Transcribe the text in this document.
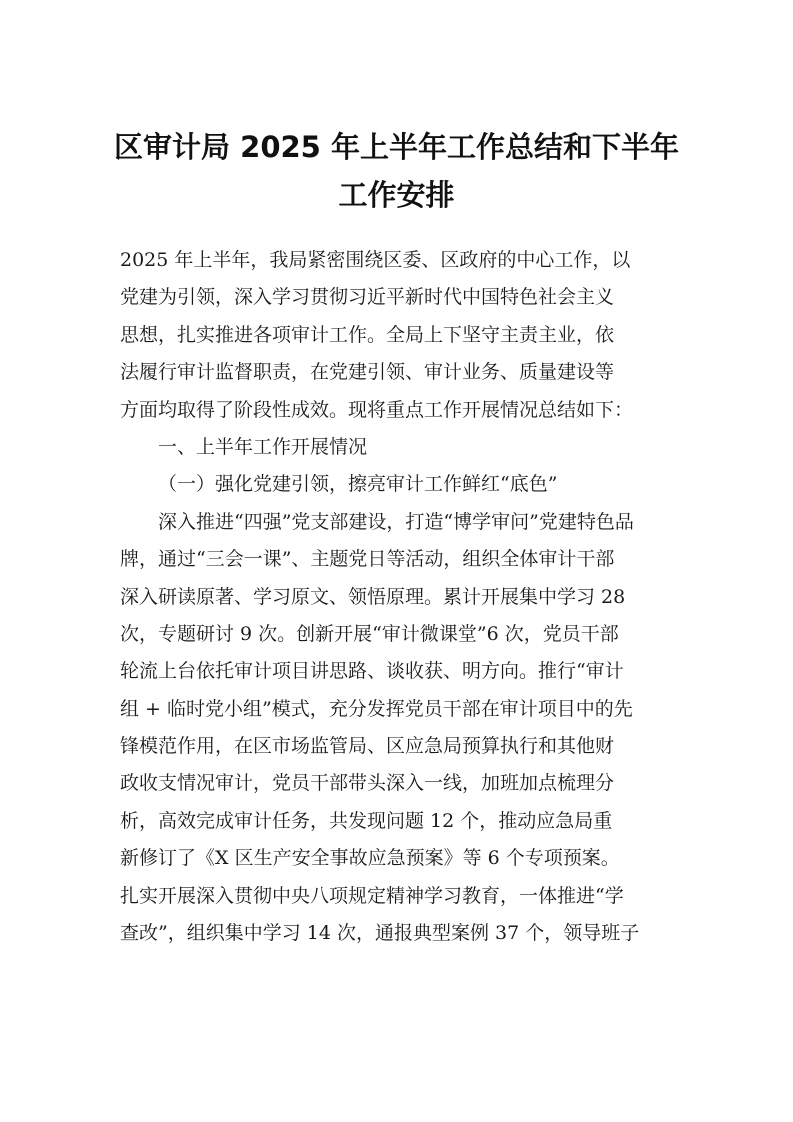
区审计局 2025 年上半年工作总结和下半年
工作安排
2025 年上半年，我局紧密围绕区委、区政府的中心工作，以
党建为引领，深入学习贯彻习近平新时代中国特色社会主义
思想，扎实推进各项审计工作。全局上下坚守主责主业，依
法履行审计监督职责，在党建引领、审计业务、质量建设等
方面均取得了阶段性成效。现将重点工作开展情况总结如下：
一、上半年工作开展情况
（一）强化党建引领，擦亮审计工作鲜红“底色”
深入推进“四强”党支部建设，打造“博学审问”党建特色品
牌，通过“三会一课”、主题党日等活动，组织全体审计干部
深入研读原著、学习原文、领悟原理。累计开展集中学习 28
次，专题研讨 9 次。创新开展“审计微课堂”6 次，党员干部
轮流上台依托审计项目讲思路、谈收获、明方向。推行“审计
组 + 临时党小组”模式，充分发挥党员干部在审计项目中的先
锋模范作用，在区市场监管局、区应急局预算执行和其他财
政收支情况审计，党员干部带头深入一线，加班加点梳理分
析，高效完成审计任务，共发现问题 12 个，推动应急局重
新修订了《X 区生产安全事故应急预案》等 6 个专项预案。
扎实开展深入贯彻中央八项规定精神学习教育，一体推进“学
查改”，组织集中学习 14 次，通报典型案例 37 个，领导班子
